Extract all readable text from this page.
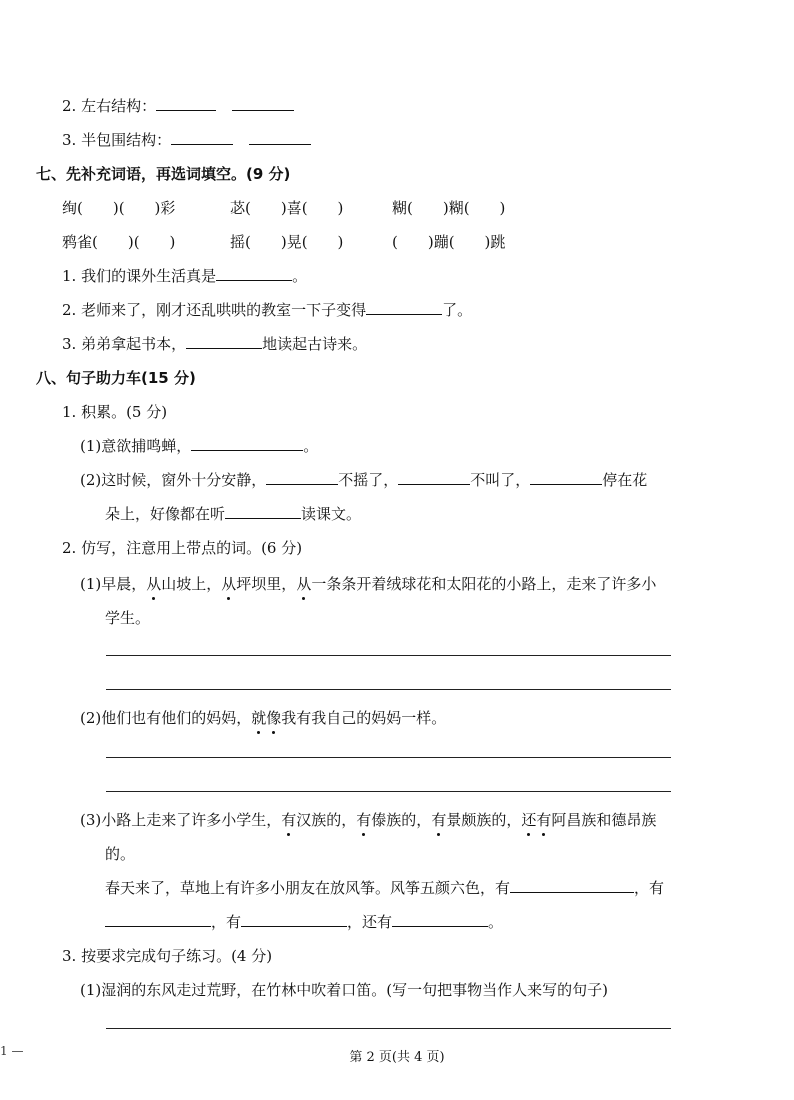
2. 左右结构：
3. 半包围结构：
七、先补充词语，再选词填空。(9 分)
绚(　　)(　　)彩	苾(　　)喜(　　)	糊(　　)糊(　　)
鸦雀(　　)(　　)	摇(　　)晃(　　)	(　　)蹦(　　)跳
1. 我们的课外生活真是	。
2. 老师来了，刚才还乱哄哄的教室一下子变得	了。
3. 弟弟拿起书本，	地读起古诗来。
八、句子助力车(15 分)
1. 积累。(5 分)
(1)意欲捕鸣蝉，	。
(2)这时候，窗外十分安静，	不摇了，	不叫了，	停在花
朵上，好像都在听	读课文。
2. 仿写，注意用上带点的词。(6 分)
(1)早晨，从山坡上，从坪坝里，从一条条开着绒球花和太阳花的小路上，走来了许多小
学生。
(2)他们也有他们的妈妈，就像我有我自己的妈妈一样。
(3)小路上走来了许多小学生，有汉族的，有傣族的，有景颇族的，还有阿昌族和德昂族
的。
春天来了，草地上有许多小朋友在放风筝。风筝五颜六色，有	，有
，有	，还有	。
3. 按要求完成句子练习。(4 分)
(1)湿润的东风走过荒野，在竹林中吹着口笛。(写一句把事物当作人来写的句子)
1 —	第 2 页(共 4 页)
